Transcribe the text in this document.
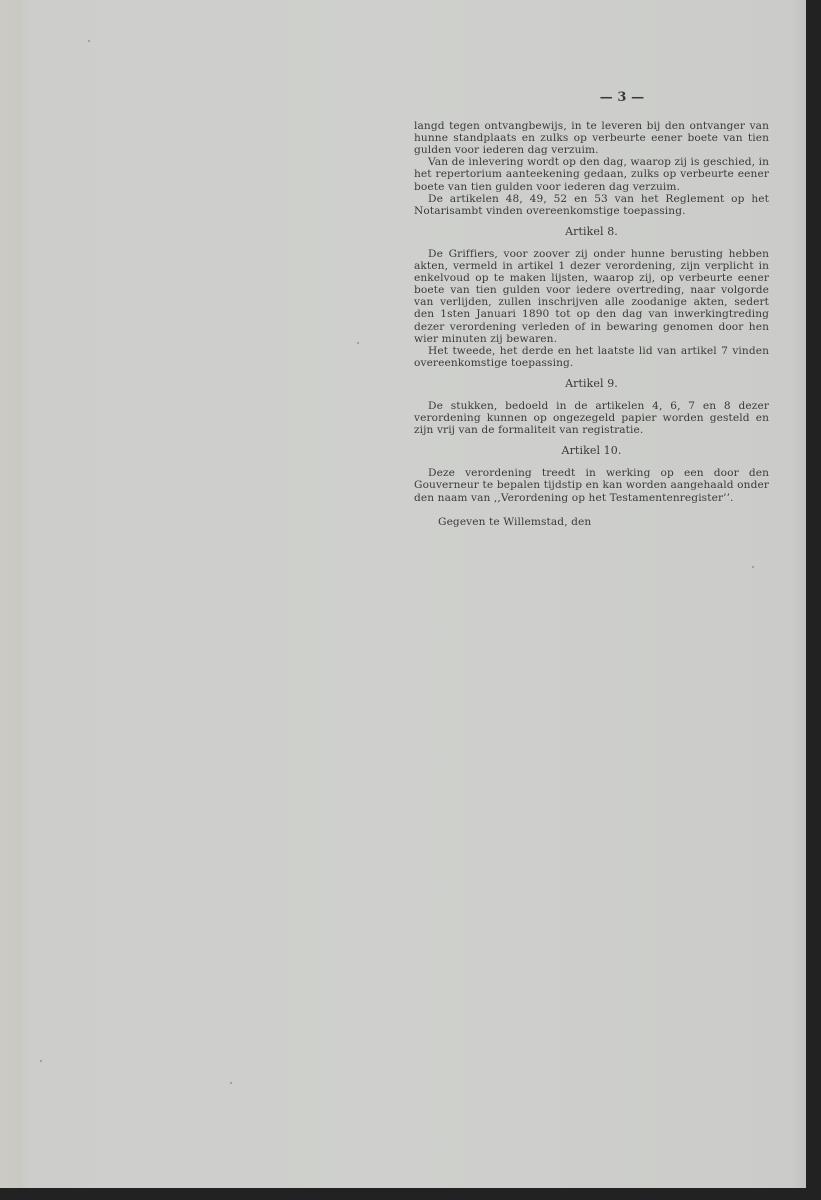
— 3 —

langd tegen ontvangbewijs, in te leveren bij den ontvanger van hunne standplaats en zulks op verbeurte eener boete van tien gulden voor iederen dag verzuim.

Van de inlevering wordt op den dag, waarop zij is geschied, in het repertorium aanteekening gedaan, zulks op verbeurte eener boete van tien gulden voor iederen dag verzuim.

De artikelen 48, 49, 52 en 53 van het Reglement op het Notarisambt vinden overeenkomstige toepassing.

Artikel 8.

De Griffiers, voor zoover zij onder hunne berusting hebben akten, vermeld in artikel 1 dezer verordening, zijn verplicht in enkelvoud op te maken lijsten, waarop zij, op verbeurte eener boete van tien gulden voor iedere overtreding, naar volgorde van verlijden, zullen inschrijven alle zoodanige akten, sedert den 1sten Januari 1890 tot op den dag van inwerkingtreding dezer verordening verleden of in bewaring genomen door hen wier minuten zij bewaren.

Het tweede, het derde en het laatste lid van artikel 7 vinden overeenkomstige toepassing.

Artikel 9.

De stukken, bedoeld in de artikelen 4, 6, 7 en 8 dezer verordening kunnen op ongezegeld papier worden gesteld en zijn vrij van de formaliteit van registratie.

Artikel 10.

Deze verordening treedt in werking op een door den Gouverneur te bepalen tijdstip en kan worden aangehaald onder den naam van ,,Verordening op het Testamentenregister’’.

Gegeven te Willemstad, den
